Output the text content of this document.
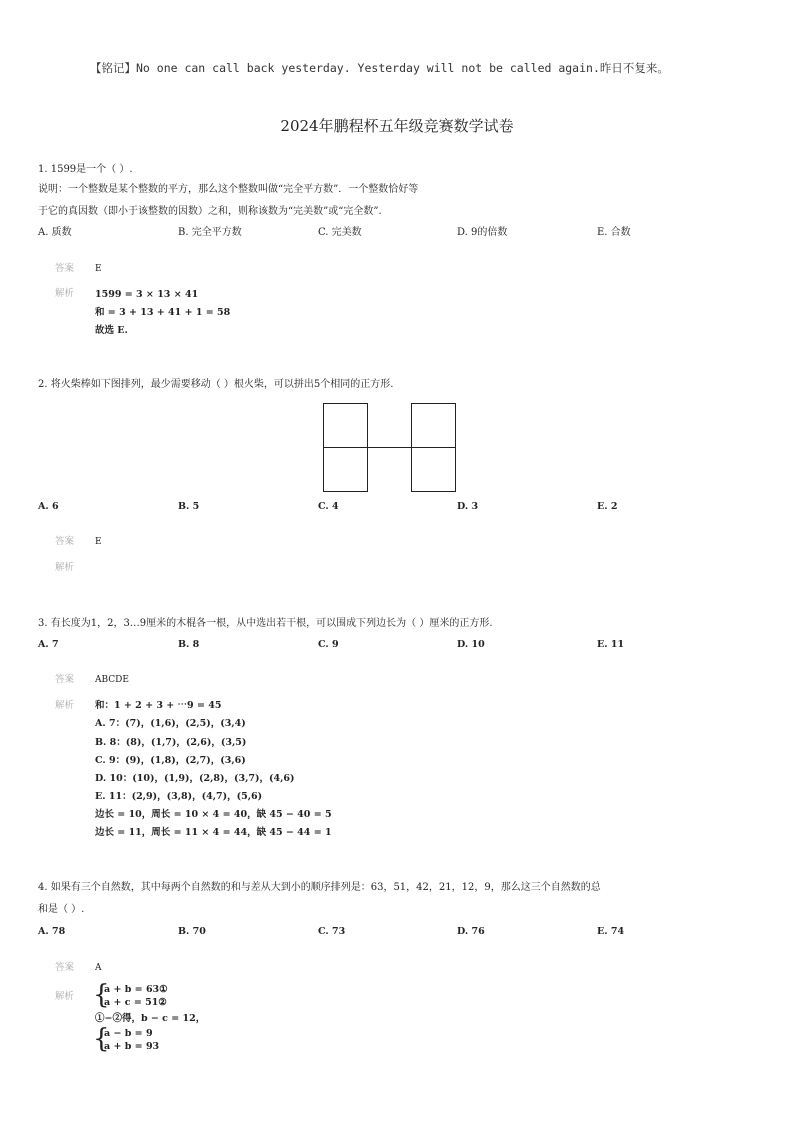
【铭记】No one can call back yesterday. Yesterday will not be called again.昨日不复来。
2024年鹏程杯五年级竞赛数学试卷
1. 1599是一个（ ）.
说明：一个整数是某个整数的平方，那么这个整数叫做“完全平方数”．一个整数恰好等
于它的真因数（即小于该整数的因数）之和，则称该数为“完美数”或“完全数”.
A. 质数	B. 完全平方数	C. 完美数	D. 9的倍数	E. 合数
答案 E
解析 1599 = 3 × 13 × 41
和 = 3 + 13 + 41 + 1 = 58
故选 E.
2. 将火柴棒如下图排列，最少需要移动（ ）根火柴，可以拼出5个相同的正方形.
A. 6	B. 5	C. 4	D. 3	E. 2
答案 E
解析
3. 有长度为1，2，3…9厘米的木棍各一根，从中选出若干根，可以围成下列边长为（ ）厘米的正方形.
A. 7	B. 8	C. 9	D. 10	E. 11
答案 ABCDE
解析 和：1 + 2 + 3 + ⋯9 = 45
A. 7：(7)，(1,6)，(2,5)，(3,4)
B. 8：(8)，(1,7)，(2,6)，(3,5)
C. 9：(9)，(1,8)，(2,7)，(3,6)
D. 10：(10)，(1,9)，(2,8)，(3,7)，(4,6)
E. 11：(2,9)，(3,8)，(4,7)，(5,6)
边长 = 10，周长 = 10 × 4 = 40，缺 45 − 40 = 5
边长 = 11，周长 = 11 × 4 = 44，缺 45 − 44 = 1
4. 如果有三个自然数，其中每两个自然数的和与差从大到小的顺序排列是：63，51，42，21，12，9，那么这三个自然数的总
和是（ ）.
A. 78	B. 70	C. 73	D. 76	E. 74
答案 A
解析 {
a + b = 63①
a + c = 51②
①−②得，b − c = 12，
{
a − b = 9
a + b = 93
